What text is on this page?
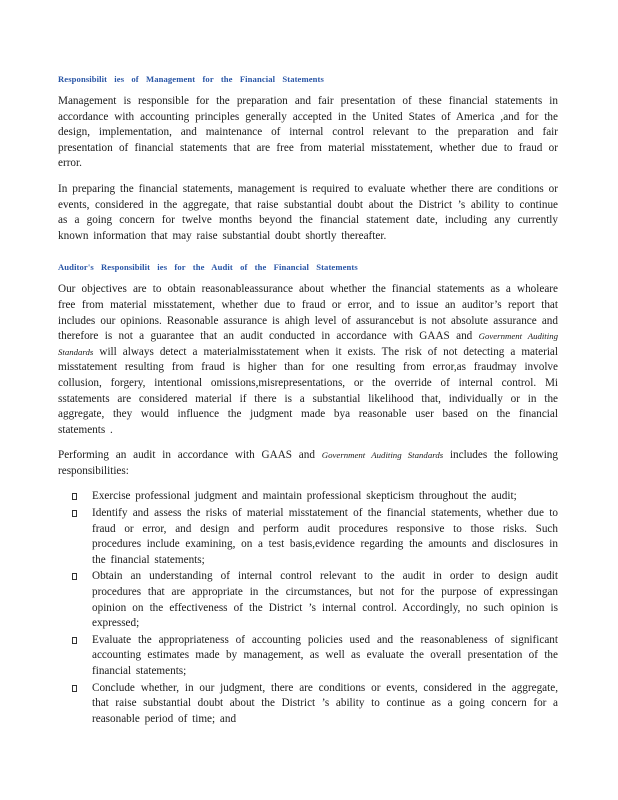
Responsibilit ies of Management for the Financial Statements

Management is responsible for the preparation and fair presentation of these financial statements in accordance with accounting principles generally accepted in the United States of America ,and for the design, implementation, and maintenance of internal control relevant to the preparation and fair presentation of financial statements that are free from material misstatement, whether due to fraud or error.

In preparing the financial statements, management is required to evaluate whether there are conditions or events, considered in the aggregate, that raise substantial doubt about the District ’s ability to continue as a going concern for twelve months beyond the financial statement date, including any currently known information that may raise substantial doubt shortly thereafter.

Auditor's Responsibilit ies for the Audit of the Financial Statements

Our objectives are to obtain reasonableassurance about whether the financial statements as a wholeare free from material misstatement, whether due to fraud or error, and to issue an auditor’s report that includes our opinions. Reasonable assurance is ahigh level of assurancebut is not absolute assurance and therefore is not a guarantee that an audit conducted in accordance with GAAS and Government Auditing Standards will always detect a materialmisstatement when it exists. The risk of not detecting a material misstatement resulting from fraud is higher than for one resulting from error,as fraudmay involve collusion, forgery, intentional omissions,misrepresentations, or the override of internal control. Mi sstatements are considered material if there is a substantial likelihood that, individually or in the aggregate, they would influence the judgment made bya reasonable user based on the financial statements .

Performing an audit in accordance with GAAS and Government Auditing Standards includes the following responsibilities:

Exercise professional judgment and maintain professional skepticism throughout the audit;
Identify and assess the risks of material misstatement of the financial statements, whether due to fraud or error, and design and perform audit procedures responsive to those risks. Such procedures include examining, on a test basis,evidence regarding the amounts and disclosures in the financial statements;
Obtain an understanding of internal control relevant to the audit in order to design audit procedures that are appropriate in the circumstances, but not for the purpose of expressingan opinion on the effectiveness of the District ’s internal control. Accordingly, no such opinion is expressed;
Evaluate the appropriateness of accounting policies used and the reasonableness of significant accounting estimates made by management, as well as evaluate the overall presentation of the financial statements;
Conclude whether, in our judgment, there are conditions or events, considered in the aggregate, that raise substantial doubt about the District ’s ability to continue as a going concern for a reasonable period of time; and
